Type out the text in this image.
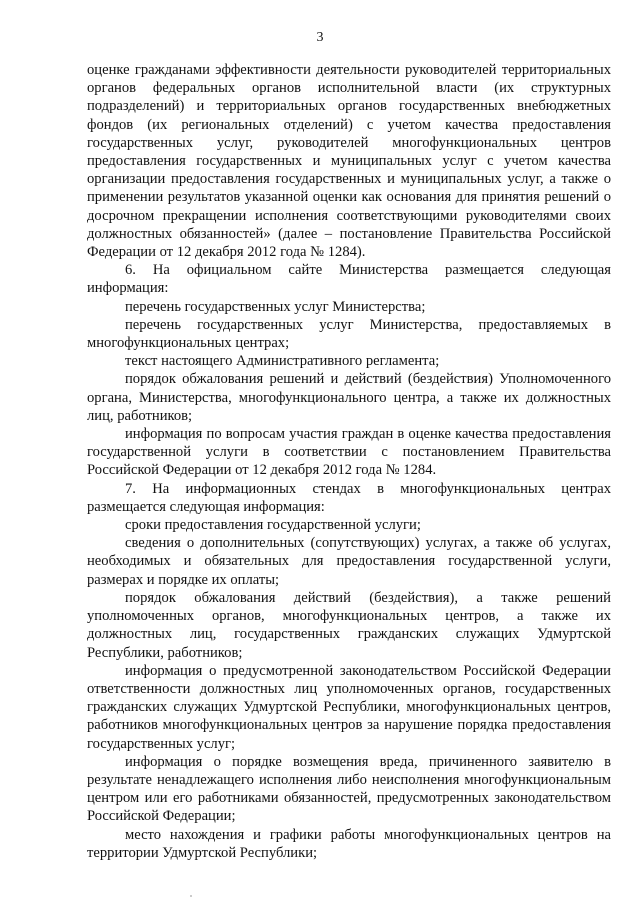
3

оценке гражданами эффективности деятельности руководителей территориальных органов федеральных органов исполнительной власти (их структурных подразделений) и территориальных органов государственных внебюджетных фондов (их региональных отделений) с учетом качества предоставления государственных услуг, руководителей многофункциональных центров предоставления государственных и муниципальных услуг с учетом качества организации предоставления государственных и муниципальных услуг, а также о применении результатов указанной оценки как основания для принятия решений о досрочном прекращении исполнения соответствующими руководителями своих должностных обязанностей» (далее – постановление Правительства Российской Федерации от 12 декабря 2012 года № 1284).

6. На официальном сайте Министерства размещается следующая информация:

перечень государственных услуг Министерства;

перечень государственных услуг Министерства, предоставляемых в многофункциональных центрах;

текст настоящего Административного регламента;

порядок обжалования решений и действий (бездействия) Уполномоченного органа, Министерства, многофункционального центра, а также их должностных лиц, работников;

информация по вопросам участия граждан в оценке качества предоставления государственной услуги в соответствии с постановлением Правительства Российской Федерации от 12 декабря 2012 года № 1284.

7. На информационных стендах в многофункциональных центрах размещается следующая информация:

сроки предоставления государственной услуги;

сведения о дополнительных (сопутствующих) услугах, а также об услугах, необходимых и обязательных для предоставления государственной услуги, размерах и порядке их оплаты;

порядок обжалования действий (бездействия), а также решений уполномоченных органов, многофункциональных центров, а также их должностных лиц, государственных гражданских служащих Удмуртской Республики, работников;

информация о предусмотренной законодательством Российской Федерации ответственности должностных лиц уполномоченных органов, государственных гражданских служащих Удмуртской Республики, многофункциональных центров, работников многофункциональных центров за нарушение порядка предоставления государственных услуг;

информация о порядке возмещения вреда, причиненного заявителю в результате ненадлежащего исполнения либо неисполнения многофункциональным центром или его работниками обязанностей, предусмотренных законодательством Российской Федерации;

место нахождения и графики работы многофункциональных центров на территории Удмуртской Республики;
